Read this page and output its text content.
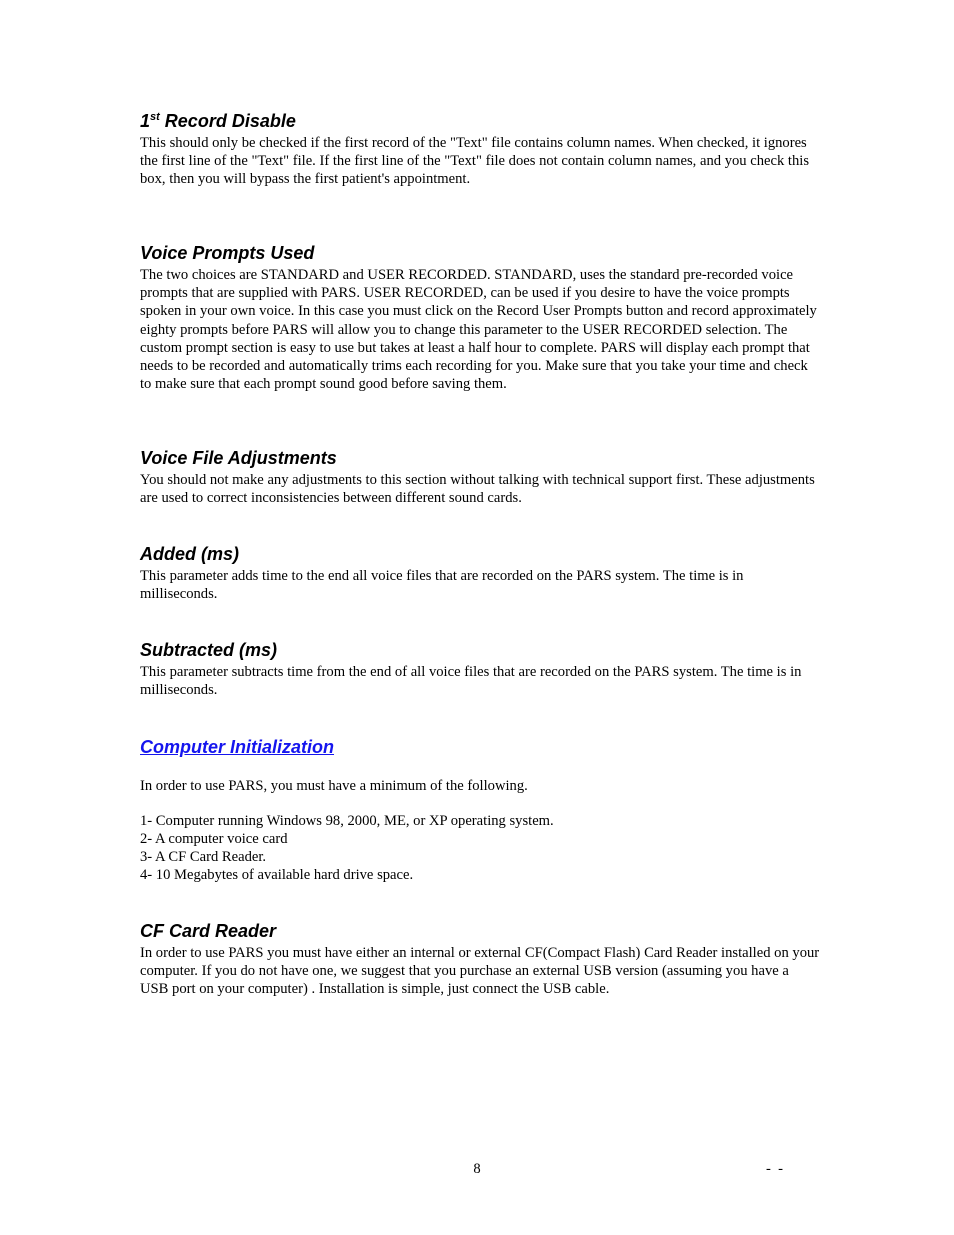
1st Record Disable

This should only be checked if the first record of the "Text" file contains column names. When checked, it ignores the first line of the "Text" file. If the first line of the "Text" file does not contain column names, and you check this box, then you will bypass the first patient's appointment.

Voice Prompts Used

The two choices are STANDARD and USER RECORDED. STANDARD, uses the standard pre-recorded voice prompts that are supplied with PARS. USER RECORDED, can be used if you desire to have the voice prompts spoken in your own voice. In this case you must click on the Record User Prompts button and record approximately eighty prompts before PARS will allow you to change this parameter to the USER RECORDED selection. The custom prompt section is easy to use but takes at least a half hour to complete. PARS will display each prompt that needs to be recorded and automatically trims each recording for you. Make sure that you take your time and check to make sure that each prompt sound good before saving them.

Voice File Adjustments

You should not make any adjustments to this section without talking with technical support first. These adjustments are used to correct inconsistencies between different sound cards.

Added (ms)

This parameter adds time to the end all voice files that are recorded on the PARS system. The time is in milliseconds.

Subtracted (ms)

This parameter subtracts time from the end of all voice files that are recorded on the PARS system. The time is in milliseconds.

Computer Initialization

In order to use PARS, you must have a minimum of the following.

1- Computer running Windows 98, 2000, ME, or XP operating system.

2- A computer voice card

3- A CF Card Reader.

4- 10 Megabytes of available hard drive space.

CF Card Reader

In order to use PARS you must have either an internal or external CF(Compact Flash) Card Reader installed on your computer. If you do not have one, we suggest that you purchase an external USB version (assuming you have a USB port on your computer) . Installation is simple, just connect the USB cable.

8	-  -
